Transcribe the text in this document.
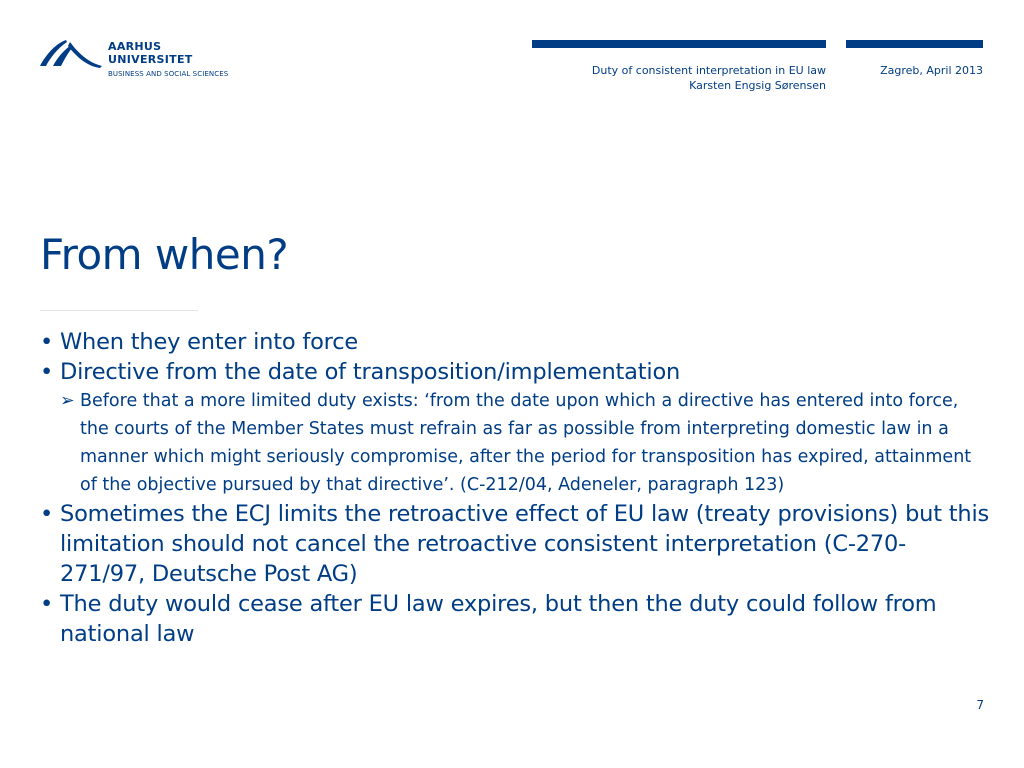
AARHUS
UNIVERSITET
BUSINESS AND SOCIAL SCIENCES	Duty of consistent interpretation in EU law
Karsten Engsig Sørensen
Zagreb, April 2013
From when?
• When they enter into force
• Directive from the date of transposition/implementation
➢ Before that a more limited duty exists: ‘from the date upon which a directive has entered into force, the courts of the Member States must refrain as far as possible from interpreting domestic law in a manner which might seriously compromise, after the period for transposition has expired, attainment of the objective pursued by that directive’. (C-212/04, Adeneler, paragraph 123)
• Sometimes the ECJ limits the retroactive effect of EU law (treaty provisions) but this limitation should not cancel the retroactive consistent interpretation (C-270-271/97, Deutsche Post AG)
• The duty would cease after EU law expires, but then the duty could follow from national law
7
